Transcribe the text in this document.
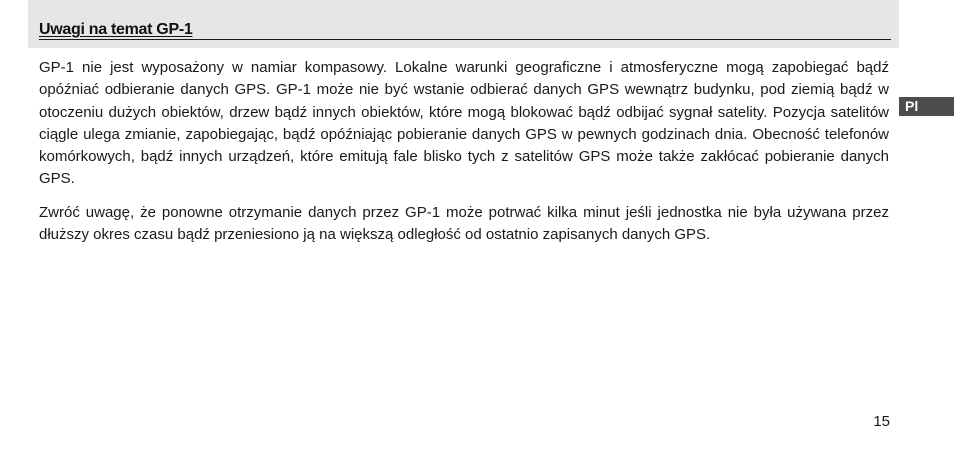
Uwagi na temat GP-1

GP-1 nie jest wyposażony w namiar kompasowy. Lokalne warunki geograficzne i atmosferyczne mogą zapobiegać bądź opóźniać odbieranie danych GPS. GP-1 może nie być wstanie odbierać danych GPS wewnątrz budynku, pod ziemią bądź w otoczeniu dużych obiektów, drzew bądź innych obiektów, które mogą blokować bądź odbijać sygnał satelity. Pozycja satelitów ciągle ulega zmianie, zapobiegając, bądź opóźniając pobieranie danych GPS w pewnych godzinach dnia. Obecność telefonów komórkowych, bądź innych urządzeń, które emitują fale blisko tych z satelitów GPS może także zakłócać pobieranie danych GPS.

Zwróć uwagę, że ponowne otrzymanie danych przez GP-1 może potrwać kilka minut jeśli jednostka nie była używana przez dłuższy okres czasu bądź przeniesiono ją na większą odległość od ostatnio zapisanych danych GPS.

Pl
15
